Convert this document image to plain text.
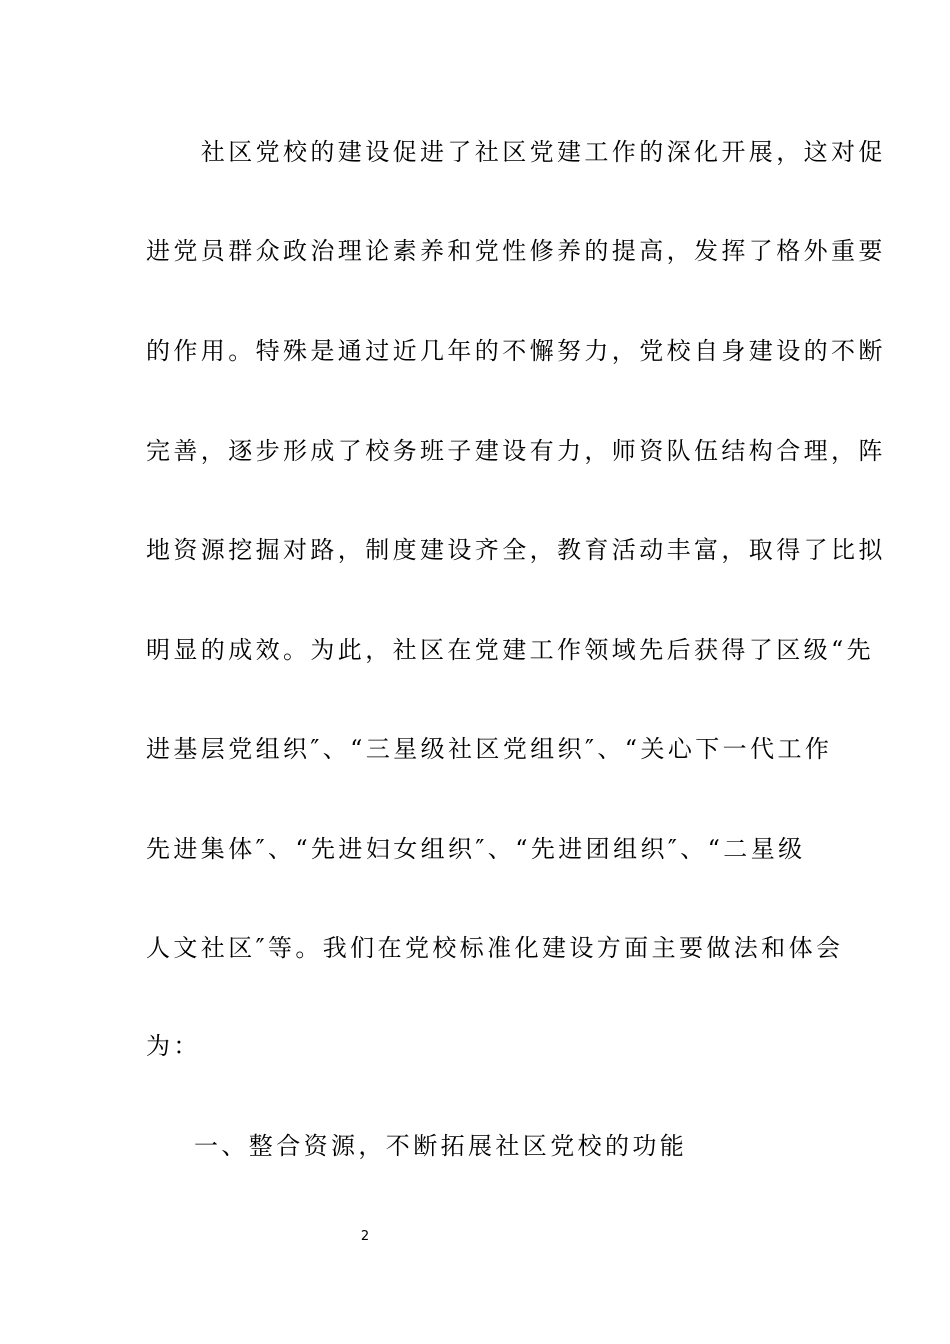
　　社区党校的建设促进了社区党建工作的深化开展，这对促
进党员群众政治理论素养和党性修养的提高，发挥了格外重要
的作用。特殊是通过近几年的不懈努力，党校自身建设的不断
完善，逐步形成了校务班子建设有力，师资队伍结构合理，阵
地资源挖掘对路，制度建设齐全，教育活动丰富，取得了比拟
明显的成效。为此，社区在党建工作领域先后获得了区级“先
进基层党组织″、“三星级社区党组织″、“关心下一代工作
先进集体″、“先进妇女组织″、“先进团组织″、“二星级
人文社区″等。我们在党校标准化建设方面主要做法和体会
为：
一、整合资源，不断拓展社区党校的功能
2
